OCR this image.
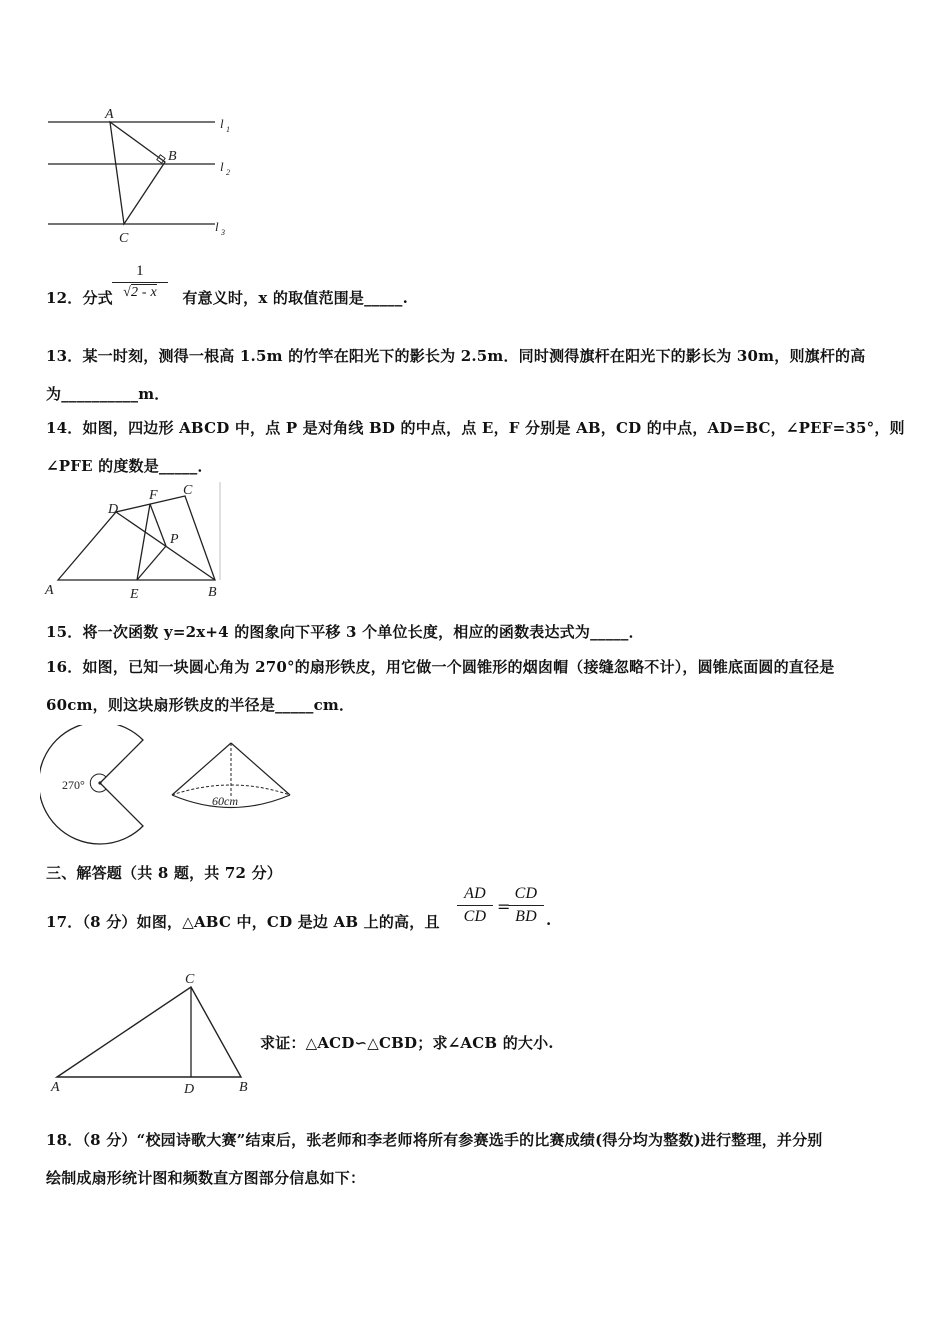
A
B
C
l 1
l 2
l 3
12．分式
1
√2 - x	有意义时，x 的取值范围是_____.
13．某一时刻，测得一根高 1.5m 的竹竿在阳光下的影长为 2.5m．同时测得旗杆在阳光下的影长为 30m，则旗杆的高
为__________m．
14．如图，四边形 ABCD 中，点 P 是对角线 BD 的中点，点 E，F 分别是 AB，CD 的中点，AD=BC，∠PEF=35°，则
∠PFE 的度数是_____．
A	B
C
D
E
F
P
15．将一次函数 y=2x+4 的图象向下平移 3 个单位长度，相应的函数表达式为_____．
16．如图，已知一块圆心角为 270°的扇形铁皮，用它做一个圆锥形的烟囱帽（接缝忽略不计），圆锥底面圆的直径是
60cm，则这块扇形铁皮的半径是_____cm．
270°
60cm
三、解答题（共 8 题，共 72 分）
17．（8 分）如图，△ABC 中，CD 是边 AB 上的高，且
AD
CD
=
CD
BD .
A	B
C
D
求证：△ACD∽△CBD；求∠ACB 的大小.
18．（8 分）“校园诗歌大赛”结束后，张老师和李老师将所有参赛选手的比赛成绩(得分均为整数)进行整理，并分别
绘制成扇形统计图和频数直方图部分信息如下：
